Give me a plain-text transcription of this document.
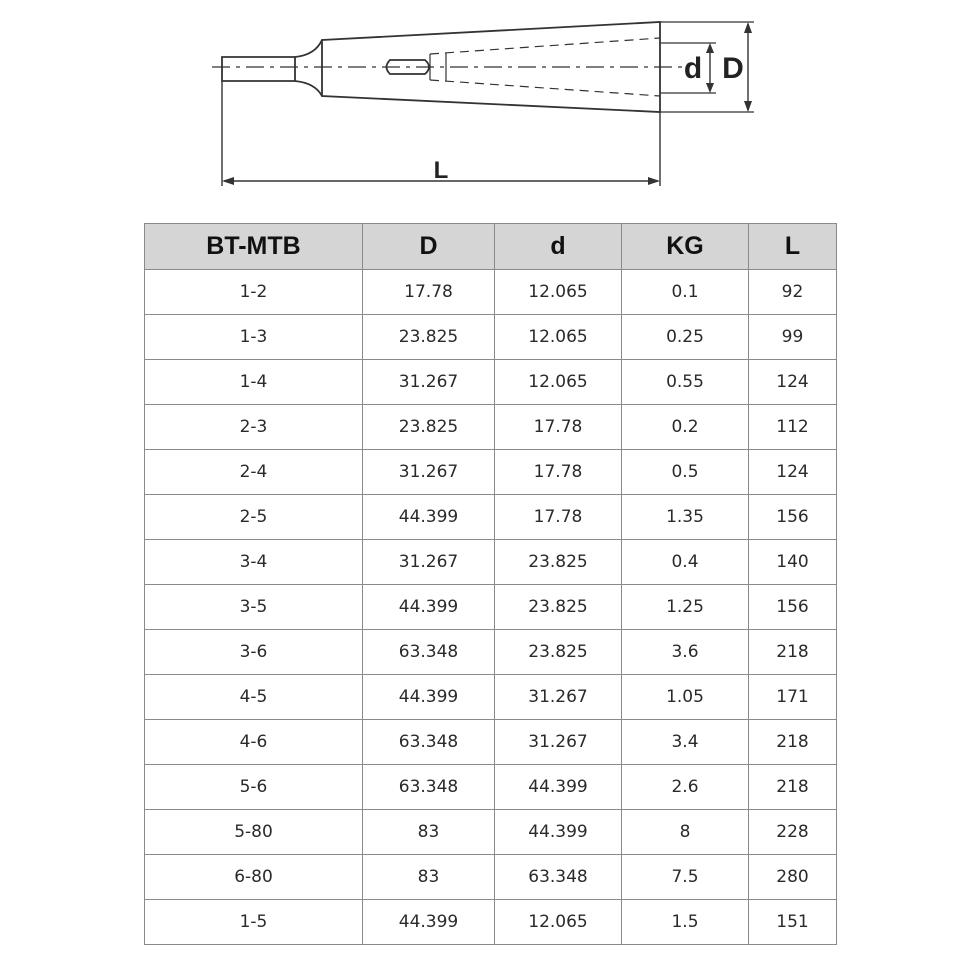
d D
L
BT-MTB	D	d	KG	L
1-2	17.78	12.065	0.1	92
1-3	23.825	12.065	0.25	99
1-4	31.267	12.065	0.55	124
2-3	23.825	17.78	0.2	112
2-4	31.267	17.78	0.5	124
2-5	44.399	17.78	1.35	156
3-4	31.267	23.825	0.4	140
3-5	44.399	23.825	1.25	156
3-6	63.348	23.825	3.6	218
4-5	44.399	31.267	1.05	171
4-6	63.348	31.267	3.4	218
5-6	63.348	44.399	2.6	218
5-80	83	44.399	8	228
6-80	83	63.348	7.5	280
1-5	44.399	12.065	1.5	151
